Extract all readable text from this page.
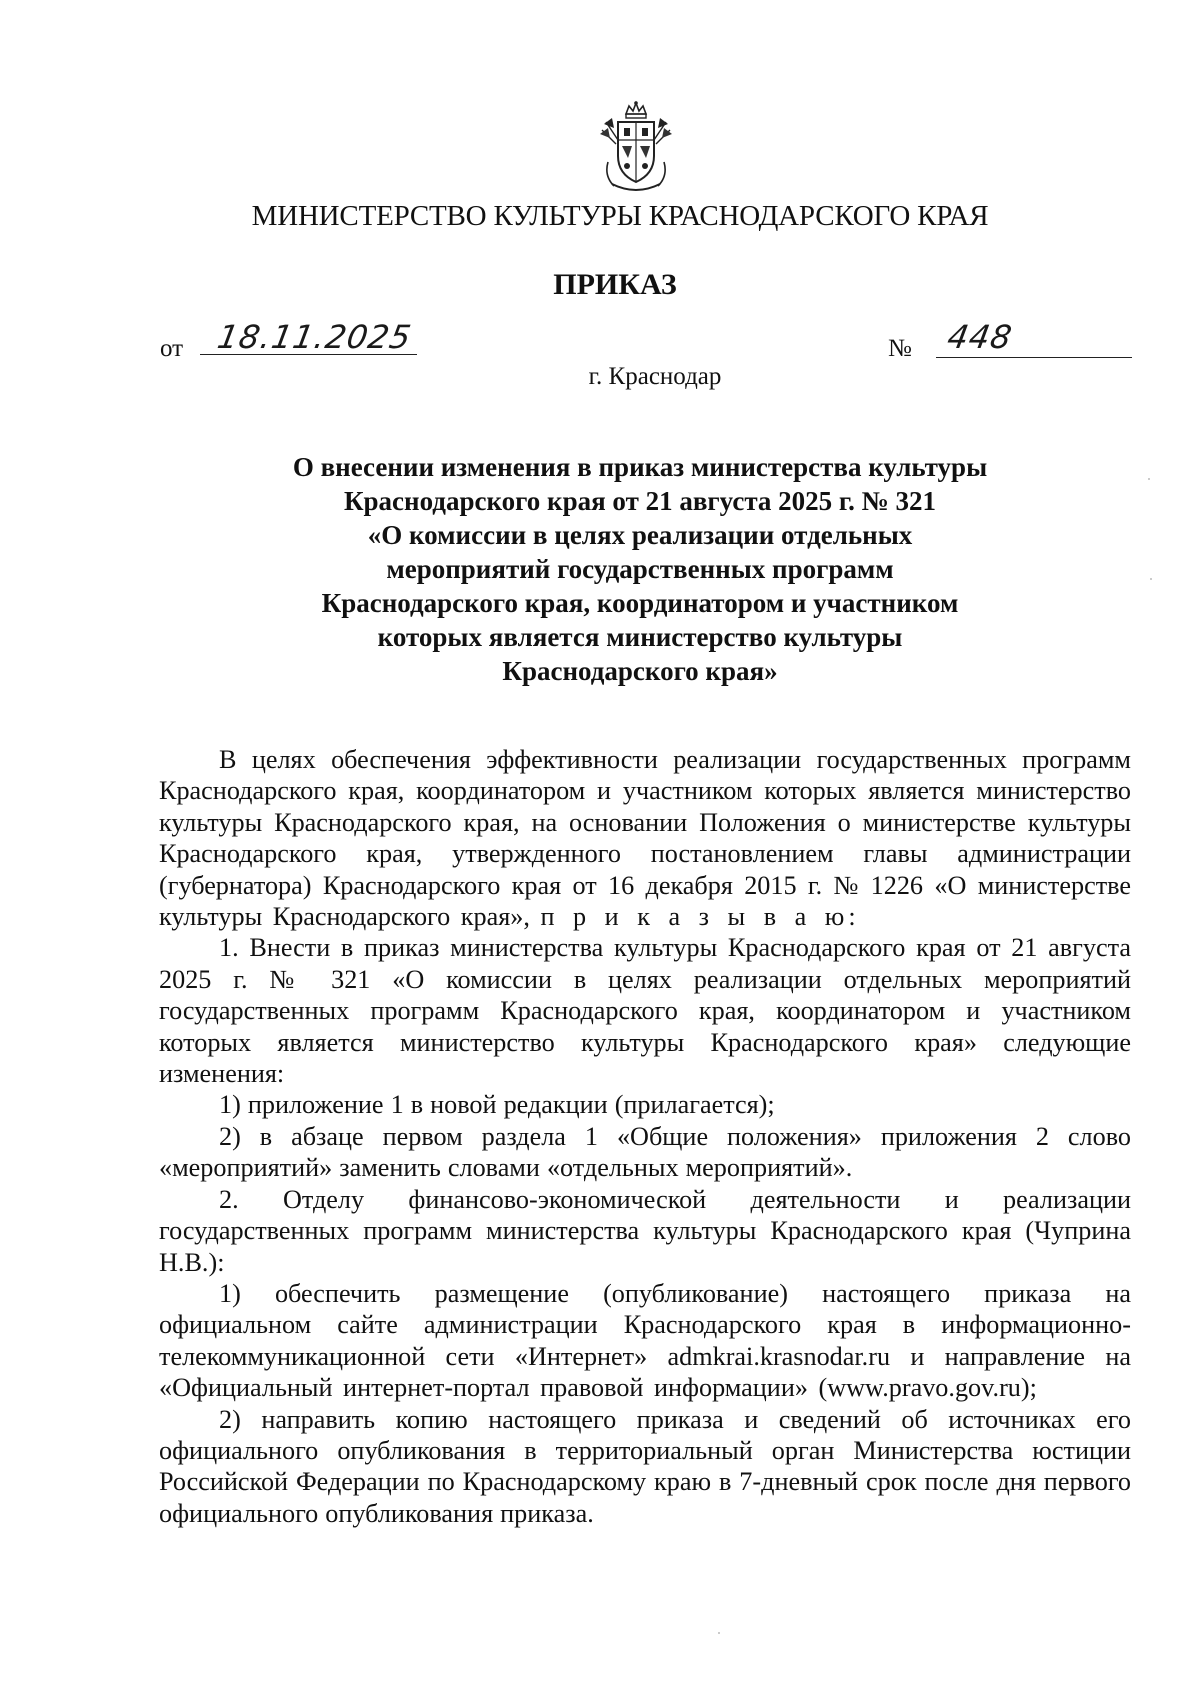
МИНИСТЕРСТВО КУЛЬТУРЫ КРАСНОДАРСКОГО КРАЯ
ПРИКАЗ
от 18.11.2025	№ 448
г. Краснодар
О внесении изменения в приказ министерства культуры
Краснодарского края от 21 августа 2025 г. № 321
«О комиссии в целях реализации отдельных
мероприятий государственных программ
Краснодарского края, координатором и участником
которых является министерство культуры
Краснодарского края»

В целях обеспечения эффективности реализации государственных программ Краснодарского края, координатором и участником которых является министерство культуры Краснодарского края, на основании Положения о министерстве культуры Краснодарского края, утвержденного постановлением главы администрации (губернатора) Краснодарского края от 16 декабря 2015 г. № 1226 «О министерстве культуры Краснодарского края», п р и к а з ы в а ю:

1. Внести в приказ министерства культуры Краснодарского края от 21 августа 2025 г. № 321 «О комиссии в целях реализации отдельных мероприятий государственных программ Краснодарского края, координатором и участником которых является министерство культуры Краснодарского края» следующие изменения:

1) приложение 1 в новой редакции (прилагается);

2) в абзаце первом раздела 1 «Общие положения» приложения 2 слово «мероприятий» заменить словами «отдельных мероприятий».

2. Отделу финансово-экономической деятельности и реализации государственных программ министерства культуры Краснодарского края (Чуприна Н.В.):

1) обеспечить размещение (опубликование) настоящего приказа на официальном сайте администрации Краснодарского края в информационно-телекоммуникационной сети «Интернет» admkrai.krasnodar.ru и направление на «Официальный интернет-портал правовой информации» (www.pravo.gov.ru);

2) направить копию настоящего приказа и сведений об источниках его официального опубликования в территориальный орган Министерства юстиции Российской Федерации по Краснодарскому краю в 7-дневный срок после дня первого официального опубликования приказа.
